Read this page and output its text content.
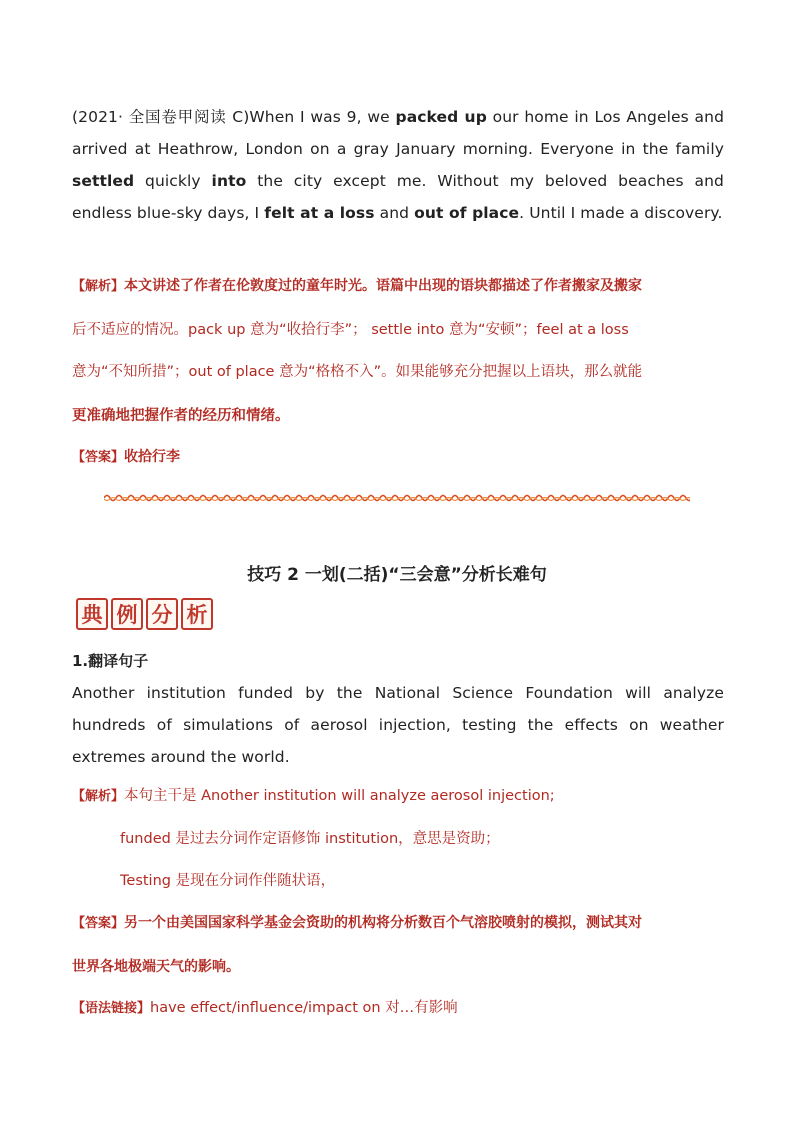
(2021· 全国卷甲阅读 C)When I was 9, we packed up our home in Los Angeles and arrived at Heathrow, London on a gray January morning. Everyone in the family settled quickly into the city except me. Without my beloved beaches and endless blue-sky days, I felt at a loss and out of place. Until I made a discovery.
【解析】本文讲述了作者在伦敦度过的童年时光。语篇中出现的语块都描述了作者搬家及搬家
后不适应的情况。pack up 意为“收拾行李”； settle into 意为“安顿”；feel at a loss
意为“不知所措”；out of place 意为“格格不入”。如果能够充分把握以上语块，那么就能
更准确地把握作者的经历和情绪。
【答案】收拾行李
技巧 2 一划(二括)“三会意”分析长难句
典 例 分 析
1.翻译句子
Another institution funded by the National Science Foundation will analyze hundreds of simulations of aerosol injection, testing the effects on weather extremes around the world.
【解析】本句主干是 Another institution will analyze aerosol injection;
funded 是过去分词作定语修饰 institution，意思是资助；
Testing 是现在分词作伴随状语，
【答案】另一个由美国国家科学基金会资助的机构将分析数百个气溶胶喷射的模拟，测试其对
世界各地极端天气的影响。
【语法链接】have effect/influence/impact on 对…有影响
